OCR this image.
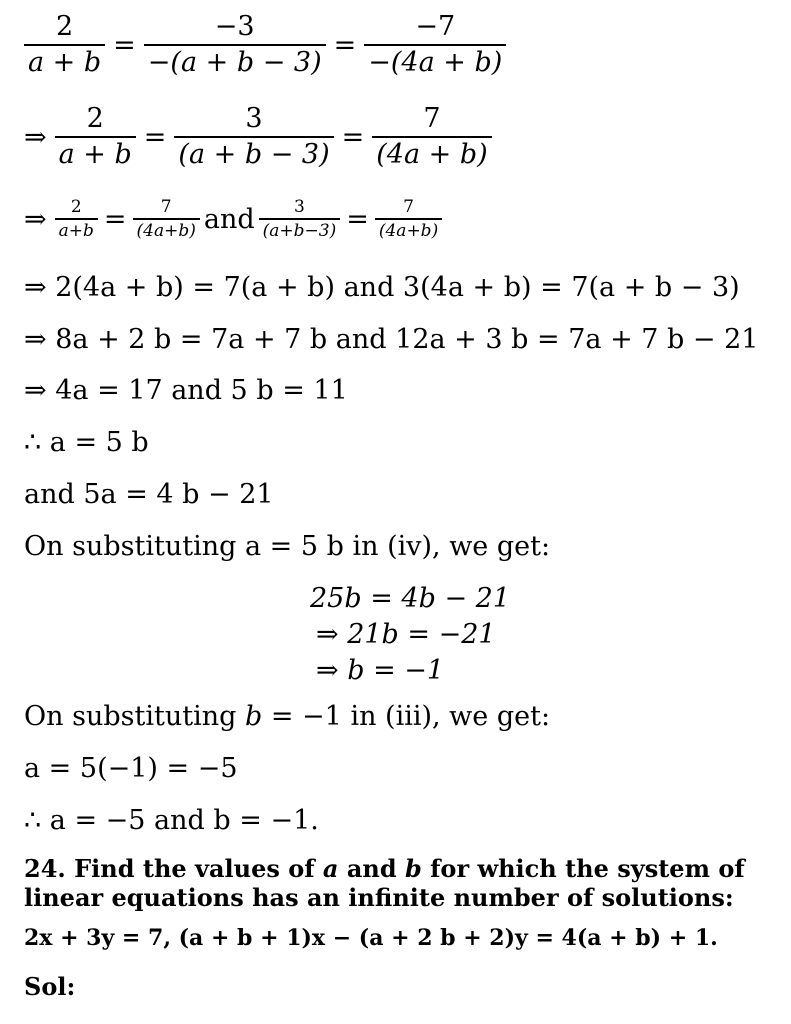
$\frac{2}{a + b} = \frac{-3}{-(a + b - 3)} = \frac{-7}{-(4a + b)}$
⇒ $\frac{2}{a + b} = \frac{3}{(a + b - 3)} = \frac{7}{(4a + b)}$
⇒ $\frac{2}{a+b} = \frac{7}{(4a+b)}$ and $\frac{3}{(a+b-3)} = \frac{7}{(4a+b)}$
⇒ 2(4a + b) = 7(a + b) and 3(4a + b) = 7(a + b − 3)
⇒ 8a + 2 b = 7a + 7 b and 12a + 3 b = 7a + 7 b − 21
⇒ 4a = 17 and 5 b = 11
∴ a = 5 b
and 5a = 4 b − 21
On substituting a = 5 b in (iv), we get:
25b = 4b − 21
⇒ 21b = −21
⇒ b = −1
On substituting b = −1 in (iii), we get:
a = 5(−1) = −5
∴ a = −5 and b = −1.
24. Find the values of a and b for which the system of
linear equations has an infinite number of solutions:
2x + 3y = 7, (a + b + 1)x − (a + 2 b + 2)y = 4(a + b) + 1.
Sol:
